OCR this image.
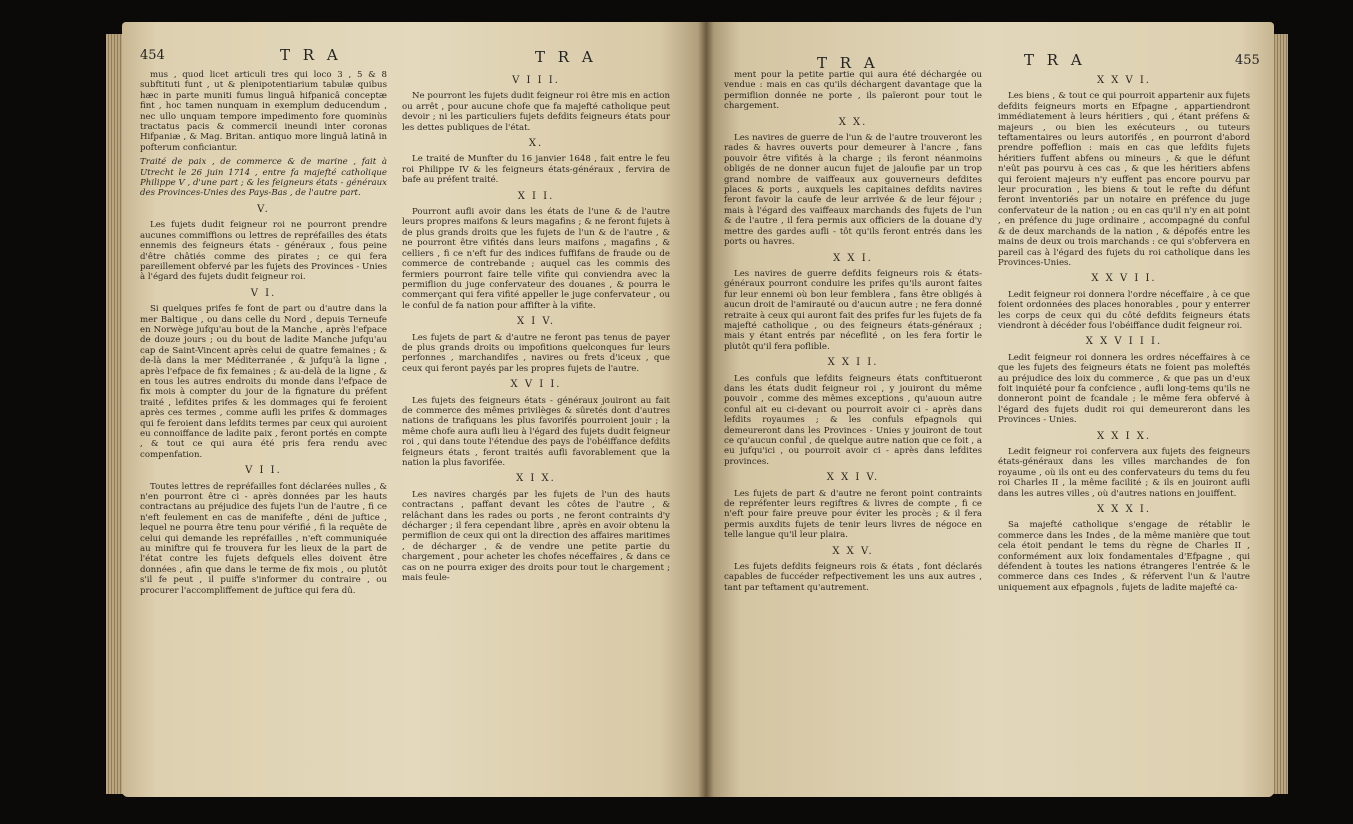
454	T R A	T R A	T R A	T R A	455

mus , quod licet articuli tres qui loco 3 , 5 & 8 subftituti funt , ut & plenipotentiarium tabulæ quibus hæc in parte muniti fumus linguâ hifpanicâ conceptæ fint , hoc tamen nunquam in exemplum deducendum , nec ullo unquam tempore impedimento fore quominùs tractatus pacis & commercii ineundi inter coronas Hifpaniæ , & Mag. Britan. antiquo more linguâ latinâ in pofterum conficiantur.

Traité de paix , de commerce & de marine , fait à Utrecht le 26 juin 1714 , entre fa majefté catholique Philippe V , d'une part ; & les feigneurs états - généraux des Provinces-Unies des Pays-Bas , de l'autre part.

V.

Les fujets dudit feigneur roi ne pourront prendre aucunes commiffions ou lettres de repréfailles des états ennemis des feigneurs états - généraux , fous peine d'être châtiés comme des pirates ; ce qui fera pareillement obfervé par les fujets des Provinces - Unies à l'égard des fujets dudit feigneur roi.

V I.

Si quelques prifes fe font de part ou d'autre dans la mer Baltique , ou dans celle du Nord , depuis Terneufe en Norwège jufqu'au bout de la Manche , après l'efpace de douze jours ; ou du bout de ladite Manche jufqu'au cap de Saint-Vincent après celui de quatre femaines ; & de-là dans la mer Méditerranée , & jufqu'à la ligne , après l'efpace de fix femaines ; & au-delà de la ligne , & en tous les autres endroits du monde dans l'efpace de fix mois à compter du jour de la fignature du préfent traité , lefdites prifes & les dommages qui fe feroient après ces termes , comme aufli les prifes & dommages qui fe feroient dans lefdits termes par ceux qui auroient eu connoiffance de ladite paix , feront portés en compte , & tout ce qui aura été pris fera rendu avec compenfation.

V I I.

Toutes lettres de repréfailles font déclarées nulles , & n'en pourront être ci - après données par les hauts contractans au préjudice des fujets l'un de l'autre , fi ce n'eft feulement en cas de manifefte , déni de juftice , lequel ne pourra être tenu pour vérifié , fi la requête de celui qui demande les repréfailles , n'eft communiquée au miniftre qui fe trouvera fur les lieux de la part de l'état contre les fujets defquels elles doivent être données , afin que dans le terme de fix mois , ou plutôt s'il fe peut , il puiffe s'informer du contraire , ou procurer l'accompliffement de juftice qui fera dû.

V I I I.

Ne pourront les fujets dudit feigneur roi être mis en action ou arrêt , pour aucune chofe que fa majefté catholique peut devoir ; ni les particuliers fujets defdits feigneurs états pour les dettes publiques de l'état.

X.

Le traité de Munfter du 16 janvier 1648 , fait entre le feu roi Philippe IV & les feigneurs états-généraux , fervira de bafe au préfent traité.

X I I.

Pourront aufli avoir dans les états de l'une & de l'autre leurs propres maifons & leurs magafins ; & ne feront fujets à de plus grands droits que les fujets de l'un & de l'autre , & ne pourront être vifités dans leurs maifons , magafins , & celliers , fi ce n'eft fur des indices fuffifans de fraude ou de commerce de contrebande ; auquel cas les commis des fermiers pourront faire telle vifite qui conviendra avec la permiflion du juge confervateur des douanes , & pourra le commerçant qui fera vifité appeller le juge confervateur , ou le conful de fa nation pour affifter à la vifite.

X I V.

Les fujets de part & d'autre ne feront pas tenus de payer de plus grands droits ou impofitions quelconques fur leurs perfonnes , marchandifes , navires ou frets d'iceux , que ceux qui feront payés par les propres fujets de l'autre.

X V I I.

Les fujets des feigneurs états - généraux jouiront au fait de commerce des mêmes privilèges & sûretés dont d'autres nations de trafiquans les plus favorifés pourroient jouir ; la même chofe aura aufli lieu à l'égard des fujets dudit feigneur roi , qui dans toute l'étendue des pays de l'obéiffance defdits feigneurs états , feront traités aufli favorablement que la nation la plus favorifée.

X I X.

Les navires chargés par les fujets de l'un des hauts contractans , paffant devant les côtes de l'autre , & relâchant dans les rades ou ports , ne feront contraints d'y décharger ; il fera cependant libre , après en avoir obtenu la permiflion de ceux qui ont la direction des affaires maritimes , de décharger , & de vendre une petite partie du chargement , pour acheter les chofes néceffaires , & dans ce cas on ne pourra exiger des droits pour tout le chargement ; mais feule-

ment pour la petite partie qui aura été déchargée ou vendue : mais en cas qu'ils déchargent davantage que la permiflion donnée ne porte , ils païeront pour tout le chargement.

X X.

Les navires de guerre de l'un & de l'autre trouveront les rades & havres ouverts pour demeurer à l'ancre , fans pouvoir être vifités à la charge ; ils feront néanmoins obligés de ne donner aucun fujet de jaloufie par un trop grand nombre de vaiffeaux aux gouverneurs defdites places & ports , auxquels les capitaines defdits navires feront favoir la caufe de leur arrivée & de leur féjour ; mais à l'égard des vaiffeaux marchands des fujets de l'un & de l'autre , il fera permis aux officiers de la douane d'y mettre des gardes aufli - tôt qu'ils feront entrés dans les ports ou havres.

X X I.

Les navires de guerre defdits feigneurs rois & états-généraux pourront conduire les prifes qu'ils auront faites fur leur ennemi où bon leur femblera , fans être obligés à aucun droit de l'amirauté ou d'aucun autre ; ne fera donné retraite à ceux qui auront fait des prifes fur les fujets de fa majefté catholique , ou des feigneurs états-généraux ; mais y étant entrés par néceflité , on les fera fortir le plutôt qu'il fera poflible.

X X I I.

Les confuls que lefdits feigneurs états conftitueront dans les états dudit feigneur roi , y jouiront du même pouvoir , comme des mêmes exceptions , qu'auoun autre conful ait eu ci-devant ou pourroit avoir ci - après dans lefdits royaumes ; & les confuls efpagnols qui demeureront dans les Provinces - Unies y jouiront de tout ce qu'aucun conful , de quelque autre nation que ce foit , a eu jufqu'ici , ou pourroit avoir ci - après dans lefdites provinces.

X X I V.

Les fujets de part & d'autre ne feront point contraints de repréfenter leurs regiftres & livres de compte , fi ce n'eft pour faire preuve pour éviter les procès ; & il fera permis auxdits fujets de tenir leurs livres de négoce en telle langue qu'il leur plaira.

X X V.

Les fujets defdits feigneurs rois & états , font déclarés capables de fuccéder refpectivement les uns aux autres , tant par teftament qu'autrement.

X X V I.

Les biens , & tout ce qui pourroit appartenir aux fujets defdits feigneurs morts en Efpagne , appartiendront immédiatement à leurs héritiers , qui , étant préfens & majeurs , ou bien les exécuteurs , ou tuteurs teftamentaires ou leurs autorifés , en pourront d'abord prendre poffeflion : mais en cas que lefdits fujets héritiers fuffent abfens ou mineurs , & que le défunt n'eût pas pourvu à ces cas , & que les héritiers abfens qui feroient majeurs n'y euffent pas encore pourvu par leur procuration , les biens & tout le refte du défunt feront inventoriés par un notaire en préfence du juge confervateur de la nation ; ou en cas qu'il n'y en ait point , en préfence du juge ordinaire , accompagné du conful & de deux marchands de la nation , & dépofés entre les mains de deux ou trois marchands : ce qui s'obfervera en pareil cas à l'égard des fujets du roi catholique dans les Provinces-Unies.

X X V I I.

Ledit feigneur roi donnera l'ordre néceffaire , à ce que foient ordonnées des places honorables , pour y enterrer les corps de ceux qui du côté defdits feigneurs états viendront à décéder fous l'obéiffance dudit feigneur roi.

X X V I I I.

Ledit feigneur roi donnera les ordres néceffaires à ce que les fujets des feigneurs états ne foient pas moleftés au préjudice des loix du commerce , & que pas un d'eux foit inquiété pour fa confcience , aufli long-tems qu'ils ne donneront point de fcandale ; le même fera obfervé à l'égard des fujets dudit roi qui demeureront dans les Provinces - Unies.

X X I X.

Ledit feigneur roi confervera aux fujets des feigneurs états-généraux dans les villes marchandes de fon royaume , où ils ont eu des confervateurs du tems du feu roi Charles II , la même facilité ; & ils en jouiront aufli dans les autres villes , où d'autres nations en jouiffent.

X X X I.

Sa majefté catholique s'engage de rétablir le commerce dans les Indes , de la même manière que tout cela étoit pendant le tems du règne de Charles II , conformément aux loix fondamentales d'Efpagne , qui défendent à toutes les nations étrangeres l'entrée & le commerce dans ces Indes , & réfervent l'un & l'autre uniquement aux efpagnols , fujets de ladite majefté ca-
